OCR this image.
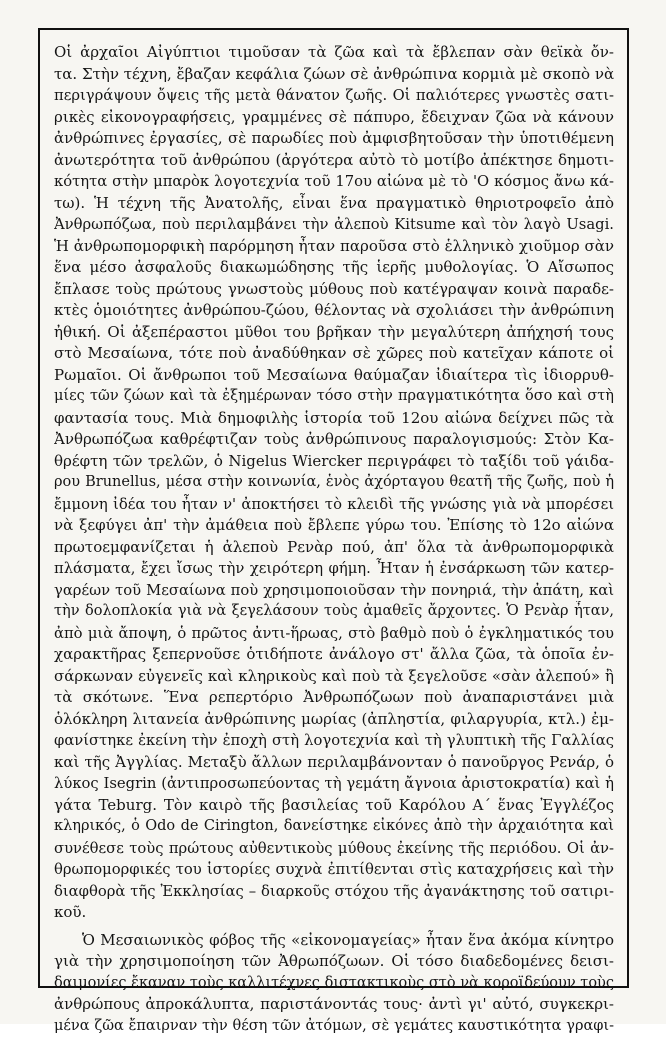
Οἱ ἀρχαῖοι Αἰγύπτιοι τιμοῦσαν τὰ ζῶα καὶ τὰ ἔβλεπαν σὰν θεϊκὰ ὄν-
τα. Στὴν τέχνη, ἔβαζαν κεφάλια ζώων σὲ ἀνθρώπινα κορμιὰ μὲ σκοπὸ νὰ
περιγράψουν ὄψεις τῆς μετὰ θάνατον ζωῆς. Οἱ παλιότερες γνωστὲς σατι-
ρικὲς εἰκονογραφήσεις, γραμμένες σὲ πάπυρο, ἔδειχναν ζῶα νὰ κάνουν
ἀνθρώπινες ἐργασίες, σὲ παρωδίες ποὺ ἀμφισβητοῦσαν τὴν ὑποτιθέμενη
ἀνωτερότητα τοῦ ἀνθρώπου (ἀργότερα αὐτὸ τὸ μοτίβο ἀπέκτησε δημοτι-
κότητα στὴν μπαρὸκ λογοτεχνία τοῦ 17ου αἰώνα μὲ τὸ 'Ο κόσμος ἄνω κά-
τω). Ἡ τέχνη τῆς Ἀνατολῆς, εἶναι ἕνα πραγματικὸ θηριοτροφεῖο ἀπὸ
Ἀνθρωπόζωα, ποὺ περιλαμβάνει τὴν ἀλεποὺ Kitsume καὶ τὸν λαγὸ Usagi.
Ἡ ἀνθρωπομορφικὴ παρόρμηση ἦταν παροῦσα στὸ ἑλληνικὸ χιοῦμορ σὰν
ἕνα μέσο ἀσφαλοῦς διακωμώδησης τῆς ἱερῆς μυθολογίας. Ὁ Αἴσωπος
ἔπλασε τοὺς πρώτους γνωστοὺς μύθους ποὺ κατέγραψαν κοινὰ παραδε-
κτὲς ὁμοιότητες ἀνθρώπου-ζώου, θέλοντας νὰ σχολιάσει τὴν ἀνθρώπινη
ἠθική. Οἱ ἀξεπέραστοι μῦθοι του βρῆκαν τὴν μεγαλύτερη ἀπήχησή τους
στὸ Μεσαίωνα, τότε ποὺ ἀναδύθηκαν σὲ χῶρες ποὺ κατεῖχαν κάποτε οἱ
Ρωμαῖοι. Οἱ ἄνθρωποι τοῦ Μεσαίωνα θαύμαζαν ἰδιαίτερα τὶς ἰδιορρυθ-
μίες τῶν ζώων καὶ τὰ ἐξημέρωναν τόσο στὴν πραγματικότητα ὅσο καὶ στὴ
φαντασία τους. Μιὰ δημοφιλὴς ἱστορία τοῦ 12ου αἰώνα δείχνει πῶς τὰ
Ἀνθρωπόζωα καθρέφτιζαν τοὺς ἀνθρώπινους παραλογισμούς: Στὸν Κα-
θρέφτη τῶν τρελῶν, ὁ Nigelus Wiercker περιγράφει τὸ ταξίδι τοῦ γάιδα-
ρου Brunellus, μέσα στὴν κοινωνία, ἑνὸς ἀχόρταγου θεατῆ τῆς ζωῆς, ποὺ ἡ
ἔμμονη ἰδέα του ἦταν ν' ἀποκτήσει τὸ κλειδὶ τῆς γνώσης γιὰ νὰ μπορέσει
νὰ ξεφύγει ἀπ' τὴν ἀμάθεια ποὺ ἔβλεπε γύρω του. Ἐπίσης τὸ 12ο αἰώνα
πρωτοεμφανίζεται ἡ ἀλεποὺ Ρενὰρ πού, ἀπ' ὅλα τὰ ἀνθρωπομορφικὰ
πλάσματα, ἔχει ἴσως τὴν χειρότερη φήμη. Ἦταν ἡ ἐνσάρκωση τῶν κατερ-
γαρέων τοῦ Μεσαίωνα ποὺ χρησιμοποιοῦσαν τὴν πονηριά, τὴν ἀπάτη, καὶ
τὴν δολοπλοκία γιὰ νὰ ξεγελάσουν τοὺς ἀμαθεῖς ἄρχοντες. Ὁ Ρενὰρ ἦταν,
ἀπὸ μιὰ ἄποψη, ὁ πρῶτος ἀντι-ἥρωας, στὸ βαθμὸ ποὺ ὁ ἐγκληματικός του
χαρακτῆρας ξεπερνοῦσε ὁτιδήποτε ἀνάλογο στ' ἄλλα ζῶα, τὰ ὁποῖα ἐν-
σάρκωναν εὐγενεῖς καὶ κληρικοὺς καὶ ποὺ τὰ ξεγελοῦσε «σὰν ἀλεπού» ἢ
τὰ σκότωνε. Ἕνα ρεπερτόριο Ἀνθρωπόζωων ποὺ ἀναπαριστάνει μιὰ
ὁλόκληρη λιτανεία ἀνθρώπινης μωρίας (ἀπληστία, φιλαργυρία, κτλ.) ἐμ-
φανίστηκε ἐκείνη τὴν ἐποχὴ στὴ λογοτεχνία καὶ τὴ γλυπτικὴ τῆς Γαλλίας
καὶ τῆς Ἀγγλίας. Μεταξὺ ἄλλων περιλαμβάνονταν ὁ πανοῦργος Ρενάρ, ὁ
λύκος Isegrin (ἀντιπροσωπεύοντας τὴ γεμάτη ἄγνοια ἀριστοκρατία) καὶ ἡ
γάτα Teburg. Τὸν καιρὸ τῆς βασιλείας τοῦ Καρόλου Α΄ ἕνας Ἐγγλέζος
κληρικός, ὁ Odo de Cirington, δανείστηκε εἰκόνες ἀπὸ τὴν ἀρχαιότητα καὶ
συνέθεσε τοὺς πρώτους αὐθεντικοὺς μύθους ἐκείνης τῆς περιόδου. Οἱ ἀν-
θρωπομορφικές του ἱστορίες συχνὰ ἐπιτίθενται στὶς καταχρήσεις καὶ τὴν
διαφθορὰ τῆς Ἐκκλησίας – διαρκοῦς στόχου τῆς ἀγανάκτησης τοῦ σατιρι-
κοῦ.
Ὁ Μεσαιωνικὸς φόβος τῆς «εἰκονομαγείας» ἦταν ἕνα ἀκόμα κίνητρο
γιὰ τὴν χρησιμοποίηση τῶν Ἀθρωπόζωων. Οἱ τόσο διαδεδομένες δεισι-
δαιμονίες ἔκαναν τοὺς καλλιτέχνες διστακτικοὺς στὸ νὰ κοροϊδεύουν τοὺς
ἀνθρώπους ἀπροκάλυπτα, παριστάνοντάς τους· ἀντὶ γι' αὐτό, συγκεκρι-
μένα ζῶα ἔπαιρναν τὴν θέση τῶν ἀτόμων, σὲ γεμάτες καυστικότητα γραφι-
